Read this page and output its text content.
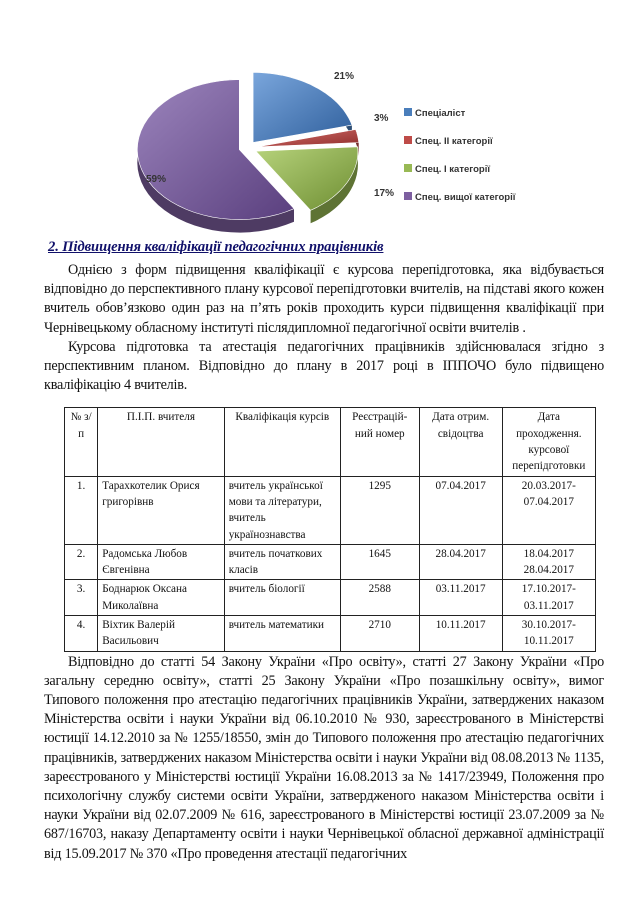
21%
3%
17%
59%
Спеціаліст
Спец. ІІ категорії
Спец. І категорії
Спец. вищої категорії
2. Підвищення кваліфікації педагогічних працівників

Однією з форм підвищення кваліфікації є курсова перепідготовка, яка відбувається відповідно до перспективного плану курсової перепідготовки вчителів, на підставі якого кожен вчитель обов’язково один раз на п’ять років проходить курси підвищення кваліфікації при Чернівецькому обласному інституті післядипломної педагогічної освіти вчителів .

Курсова підготовка та атестація педагогічних працівників здійснювалася згідно з перспективним планом. Відповідно до плану в 2017 році в ІППОЧО було підвищено кваліфікацію 4 вчителів.

№ з/п	П.І.П. вчителя	Кваліфікація курсів	Реєстрацій-ний номер	Дата отрим. свідоцтва	Дата проходження. курсової перепідготовки
1.	Тарахкотелик Орися григорівнв	вчитель української мови та літератури, вчитель українознавства	1295	07.04.2017	20.03.2017-07.04.2017
2.	Радомська Любов Євгенівна	вчитель початкових класів	1645	28.04.2017	18.04.2017 28.04.2017
3.	Боднарюк Оксана Миколаївна	вчитель біології	2588	03.11.2017	17.10.2017-03.11.2017
4.	Віхтик Валерій Васильович	вчитель математики	2710	10.11.2017	30.10.2017-10.11.2017

Відповідно до статті 54 Закону України «Про освіту», статті 27 Закону України «Про загальну середню освіту», статті 25 Закону України «Про позашкільну освіту», вимог Типового положення про атестацію педагогічних працівників України, затверджених наказом Міністерства освіти і науки України від 06.10.2010 № 930, зареєстрованого в Міністерстві юстиції 14.12.2010 за № 1255/18550, змін до Типового положення про атестацію педагогічних працівників, затверджених наказом Міністерства освіти і науки України від 08.08.2013 № 1135, зареєстрованого у Міністерстві юстиції України 16.08.2013 за № 1417/23949, Положення про психологічну службу системи освіти України, затвердженого наказом Міністерства освіти і науки України від 02.07.2009 № 616, зареєстрованого в Міністерстві юстиції 23.07.2009 за № 687/16703, наказу Департаменту освіти і науки Чернівецької обласної державної адміністрації від 15.09.2017 № 370 «Про проведення атестації педагогічних
